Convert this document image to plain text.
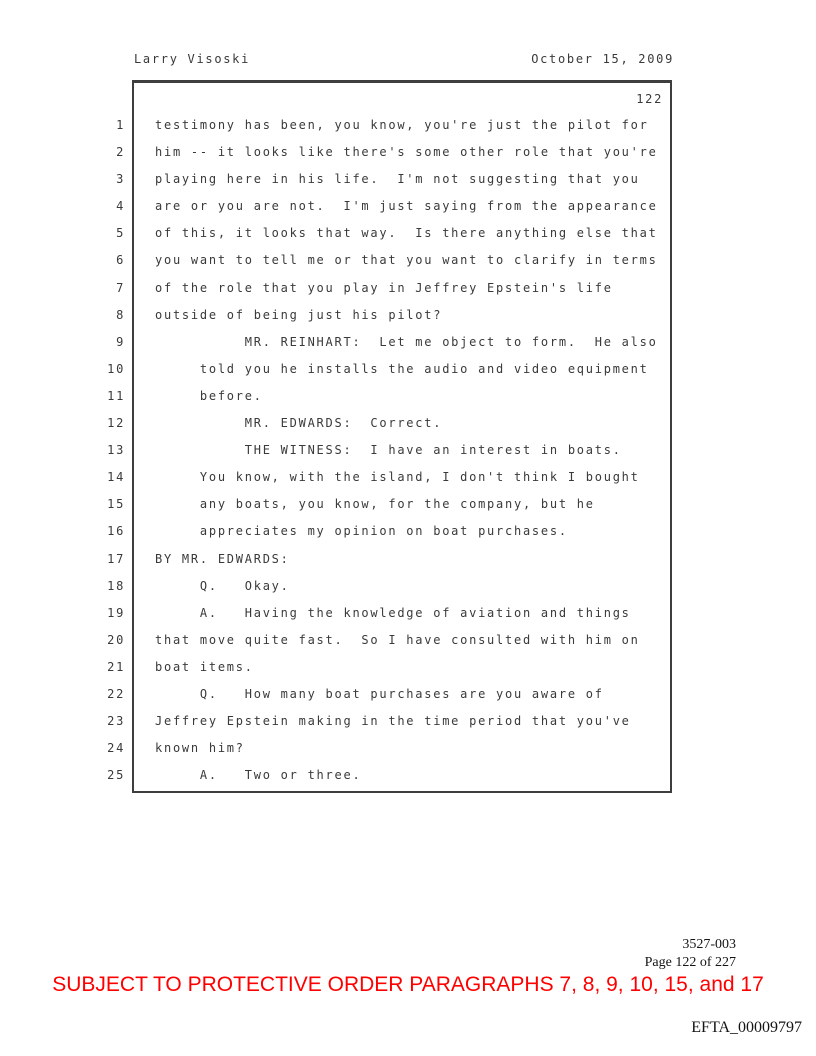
Larry Visoski	October 15, 2009
122
1
2
3
4
5
6
7
8
9
10
11
12
13
14
15
16
17
18
19
20
21
22
23
24
25
testimony has been, you know, you're just the pilot for
him -- it looks like there's some other role that you're
playing here in his life.  I'm not suggesting that you
are or you are not.  I'm just saying from the appearance
of this, it looks that way.  Is there anything else that
you want to tell me or that you want to clarify in terms
of the role that you play in Jeffrey Epstein's life
outside of being just his pilot?
MR. REINHART:  Let me object to form.  He also
told you he installs the audio and video equipment
before.
MR. EDWARDS:  Correct.
THE WITNESS:  I have an interest in boats.
You know, with the island, I don't think I bought
any boats, you know, for the company, but he
appreciates my opinion on boat purchases.
BY MR. EDWARDS:
Q.   Okay.
A.   Having the knowledge of aviation and things
that move quite fast.  So I have consulted with him on
boat items.
Q.   How many boat purchases are you aware of
Jeffrey Epstein making in the time period that you've
known him?
A.   Two or three.
3527-003
Page 122 of 227
SUBJECT TO PROTECTIVE ORDER PARAGRAPHS 7, 8, 9, 10, 15, and 17
EFTA_00009797
